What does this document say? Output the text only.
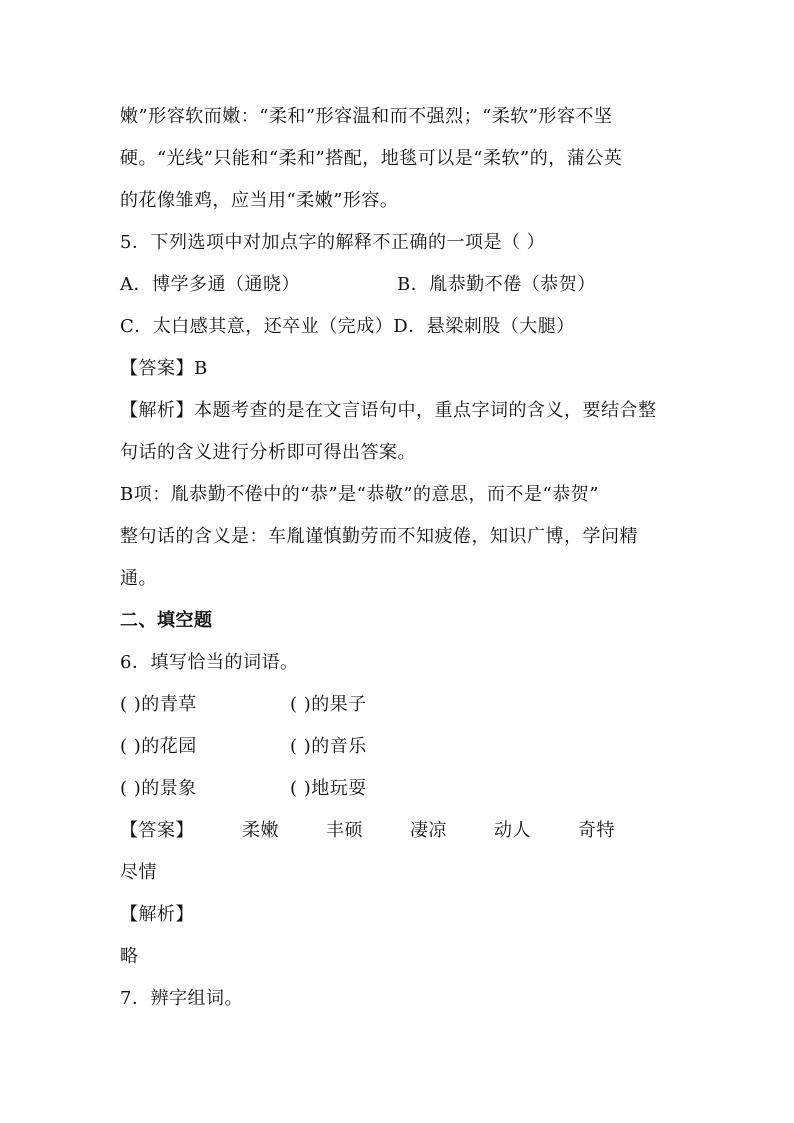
嫩”形容软而嫩：“柔和”形容温和而不强烈；“柔软”形容不坚
硬。“光线”只能和“柔和”搭配，地毯可以是“柔软”的，蒲公英
的花像雏鸡，应当用“柔嫩”形容。
5．下列选项中对加点字的解释不正确的一项是（ ）
A．博学多通（通晓）	B．胤恭勤不倦（恭贺）
C．太白感其意，还卒业（完成）D．悬梁刺股（大腿）
【答案】B
【解析】本题考查的是在文言语句中，重点字词的含义，要结合整
句话的含义进行分析即可得出答案。
B项：胤恭勤不倦中的“恭”是“恭敬”的意思，而不是“恭贺”
整句话的含义是：车胤谨慎勤劳而不知疲倦，知识广博，学问精
通。
二、填空题
6．填写恰当的词语。
( )的青草	( )的果子
( )的花园	( )的音乐
( )的景象	( )地玩耍
【答案】	柔嫩	丰硕	凄凉	动人	奇特
尽情
【解析】
略
7．辨字组词。
